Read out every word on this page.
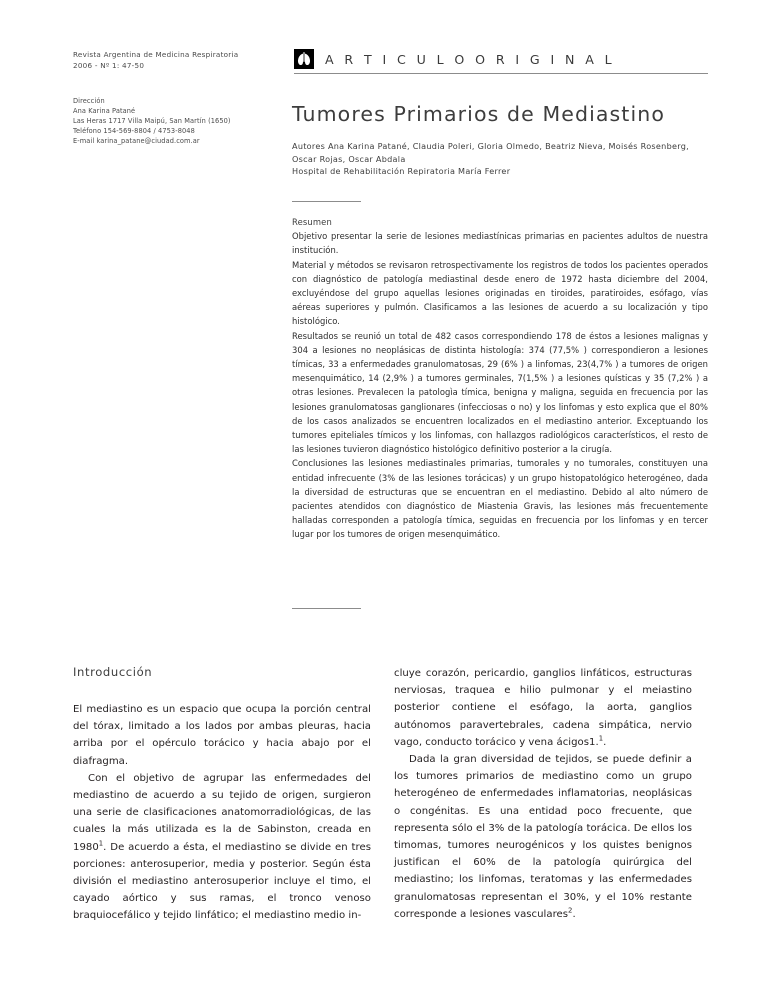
Revista Argentina de Medicina Respiratoria
2006 - Nº 1: 47-50
Dirección
Ana Karina Patané
Las Heras 1717 Villa Maipú, San Martín (1650)
Teléfono 154-569-8804 / 4753-8048
E-mail karina_patane@ciudad.com.ar
A R T I C U L O O R I G I N A L
Tumores Primarios de Mediastino
Autores Ana Karina Patané, Claudia Poleri, Gloria Olmedo, Beatriz Nieva, Moisés Rosenberg, Oscar Rojas, Oscar Abdala
Hospital de Rehabilitación Repiratoria María Ferrer
Resumen

Objetivo presentar la serie de lesiones mediastínicas primarias en pacientes adultos de nuestra institución.

Material y métodos se revisaron retrospectivamente los registros de todos los pacientes operados con diagnóstico de patología mediastinal desde enero de 1972 hasta diciembre del 2004, excluyéndose del grupo aquellas lesiones originadas en tiroides, paratiroides, esófago, vías aéreas superiores y pulmón. Clasificamos a las lesiones de acuerdo a su localización y tipo histológico.

Resultados se reunió un total de 482 casos correspondiendo 178 de éstos a lesiones malignas y 304 a lesiones no neoplásicas de distinta histología: 374 (77,5% ) correspondieron a lesiones tímicas, 33 a enfermedades granulomatosas, 29 (6% ) a linfomas, 23(4,7% ) a tumores de origen mesenquimático, 14 (2,9% ) a tumores germinales, 7(1,5% ) a lesiones quísticas y 35 (7,2% ) a otras lesiones. Prevalecen la patologìa tímica, benigna y maligna, seguida en frecuencia por las lesiones granulomatosas ganglionares (infecciosas o no) y los linfomas y esto explica que el 80% de los casos analizados se encuentren localizados en el mediastino anterior. Exceptuando los tumores epiteliales tímicos y los linfomas, con hallazgos radiológicos característicos, el resto de las lesiones tuvieron diagnóstico histológico definitivo posterior a la cirugía.

Conclusiones las lesiones mediastinales primarias, tumorales y no tumorales, constituyen una entidad infrecuente (3% de las lesiones torácicas) y un grupo histopatológico heterogéneo, dada la diversidad de estructuras que se encuentran en el mediastino. Debido al alto número de pacientes atendidos con diagnóstico de Miastenia Gravis, las lesiones más frecuentemente halladas corresponden a patología tímica, seguidas en frecuencia por los linfomas y en tercer lugar por los tumores de origen mesenquimático.

Introducción

El mediastino es un espacio que ocupa la porción central del tórax, limitado a los lados por ambas pleuras, hacia arriba por el opérculo torácico y hacia abajo por el diafragma.

Con el objetivo de agrupar las enfermedades del mediastino de acuerdo a su tejido de origen, surgieron una serie de clasificaciones anatomorradiológicas, de las cuales la más utilizada es la de Sabinston, creada en 1980$^1$. De acuerdo a ésta, el mediastino se divide en tres porciones: anterosuperior, media y posterior. Según ésta división el mediastino anterosuperior incluye el timo, el cayado aórtico y sus ramas, el tronco venoso braquiocefálico y tejido linfático; el mediastino medio in-

cluye corazón, pericardio, ganglios linfáticos, estructuras nerviosas, traquea e hilio pulmonar y el meiastino posterior contiene el esófago, la aorta, ganglios autónomos paravertebrales, cadena simpática, nervio vago, conducto torácico y vena ácigos1.$^1$.

Dada la gran diversidad de tejidos, se puede definir a los tumores primarios de mediastino como un grupo heterogéneo de enfermedades inflamatorias, neoplásicas o congénitas. Es una entidad poco frecuente, que representa sólo el 3% de la patología torácica. De ellos los timomas, tumores neurogénicos y los quistes benignos justifican el 60% de la patología quirúrgica del mediastino; los linfomas, teratomas y las enfermedades granulomatosas representan el 30%, y el 10% restante corresponde a lesiones vasculares$^2$.
